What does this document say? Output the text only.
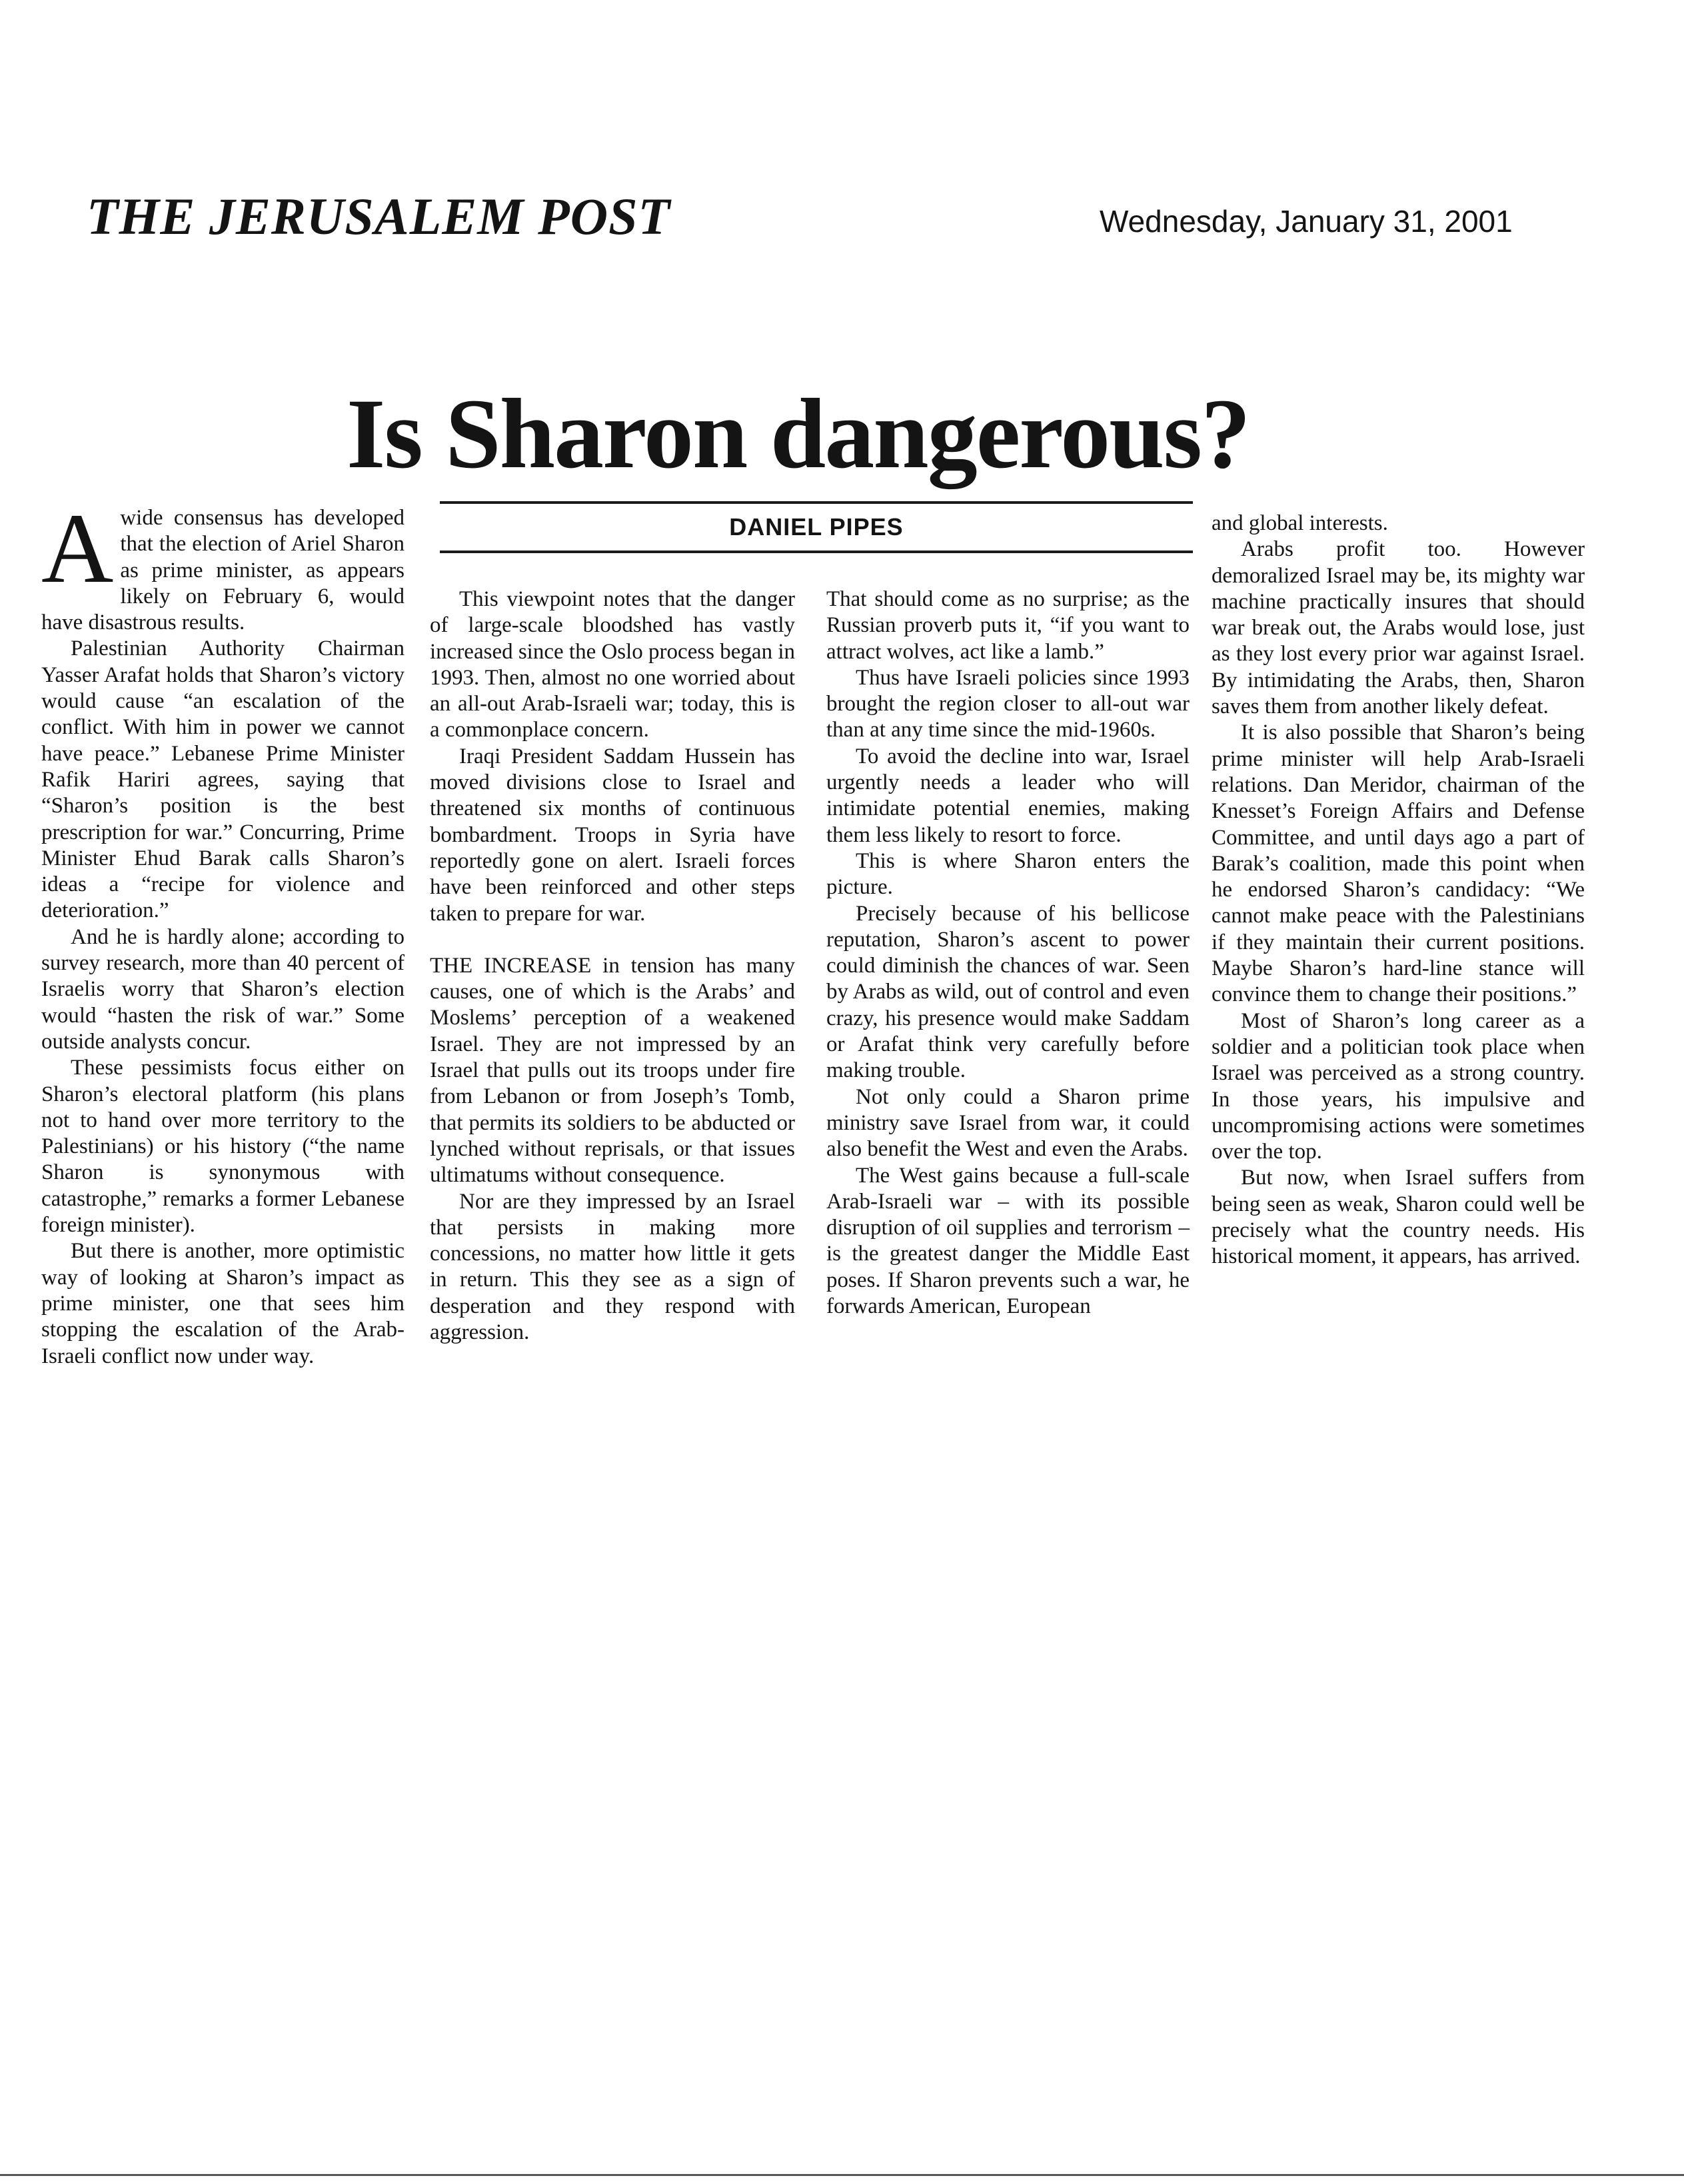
THE JERUSALEM POST	Wednesday, January 31, 2001
Is Sharon dangerous?
DANIEL PIPES

Awide consensus has developed that the election of Ariel Sharon as prime minister, as appears likely on February 6, would have disastrous results.

Palestinian Authority Chairman Yasser Arafat holds that Sharon’s victory would cause “an escalation of the conflict. With him in power we cannot have peace.” Lebanese Prime Minister Rafik Hariri agrees, saying that “Sharon’s position is the best prescription for war.” Concurring, Prime Minister Ehud Barak calls Sharon’s ideas a “recipe for violence and deterioration.”

And he is hardly alone; according to survey research, more than 40 percent of Israelis worry that Sharon’s election would “hasten the risk of war.” Some outside analysts concur.

These pessimists focus either on Sharon’s electoral platform (his plans not to hand over more territory to the Palestinians) or his history (“the name Sharon is synonymous with catastrophe,” remarks a former Lebanese foreign minister).

But there is another, more optimistic way of looking at Sharon’s impact as prime minister, one that sees him stopping the escalation of the Arab-Israeli conflict now under way.

This viewpoint notes that the danger of large-scale bloodshed has vastly increased since the Oslo process began in 1993. Then, almost no one worried about an all-out Arab-Israeli war; today, this is a commonplace concern.

Iraqi President Saddam Hussein has moved divisions close to Israel and threatened six months of continuous bombardment. Troops in Syria have reportedly gone on alert. Israeli forces have been reinforced and other steps taken to prepare for war.

THE INCREASE in tension has many causes, one of which is the Arabs’ and Moslems’ perception of a weakened Israel. They are not impressed by an Israel that pulls out its troops under fire from Lebanon or from Joseph’s Tomb, that permits its soldiers to be abducted or lynched without reprisals, or that issues ultimatums without consequence.

Nor are they impressed by an Israel that persists in making more concessions, no matter how little it gets in return. This they see as a sign of desperation and they respond with aggression.

That should come as no surprise; as the Russian proverb puts it, “if you want to attract wolves, act like a lamb.”

Thus have Israeli policies since 1993 brought the region closer to all-out war than at any time since the mid-1960s.

To avoid the decline into war, Israel urgently needs a leader who will intimidate potential enemies, making them less likely to resort to force.

This is where Sharon enters the picture.

Precisely because of his bellicose reputation, Sharon’s ascent to power could diminish the chances of war. Seen by Arabs as wild, out of control and even crazy, his presence would make Saddam or Arafat think very carefully before making trouble.

Not only could a Sharon prime ministry save Israel from war, it could also benefit the West and even the Arabs.

The West gains because a full-scale Arab-Israeli war – with its possible disruption of oil supplies and terrorism – is the greatest danger the Middle East poses. If Sharon prevents such a war, he forwards American, European

and global interests.

Arabs profit too. However demoralized Israel may be, its mighty war machine practically insures that should war break out, the Arabs would lose, just as they lost every prior war against Israel. By intimidating the Arabs, then, Sharon saves them from another likely defeat.

It is also possible that Sharon’s being prime minister will help Arab-Israeli relations. Dan Meridor, chairman of the Knesset’s Foreign Affairs and Defense Committee, and until days ago a part of Barak’s coalition, made this point when he endorsed Sharon’s candidacy: “We cannot make peace with the Palestinians if they maintain their current positions. Maybe Sharon’s hard-line stance will convince them to change their positions.”

Most of Sharon’s long career as a soldier and a politician took place when Israel was perceived as a strong country. In those years, his impulsive and uncompromising actions were sometimes over the top.

But now, when Israel suffers from being seen as weak, Sharon could well be precisely what the country needs. His historical moment, it appears, has arrived.
